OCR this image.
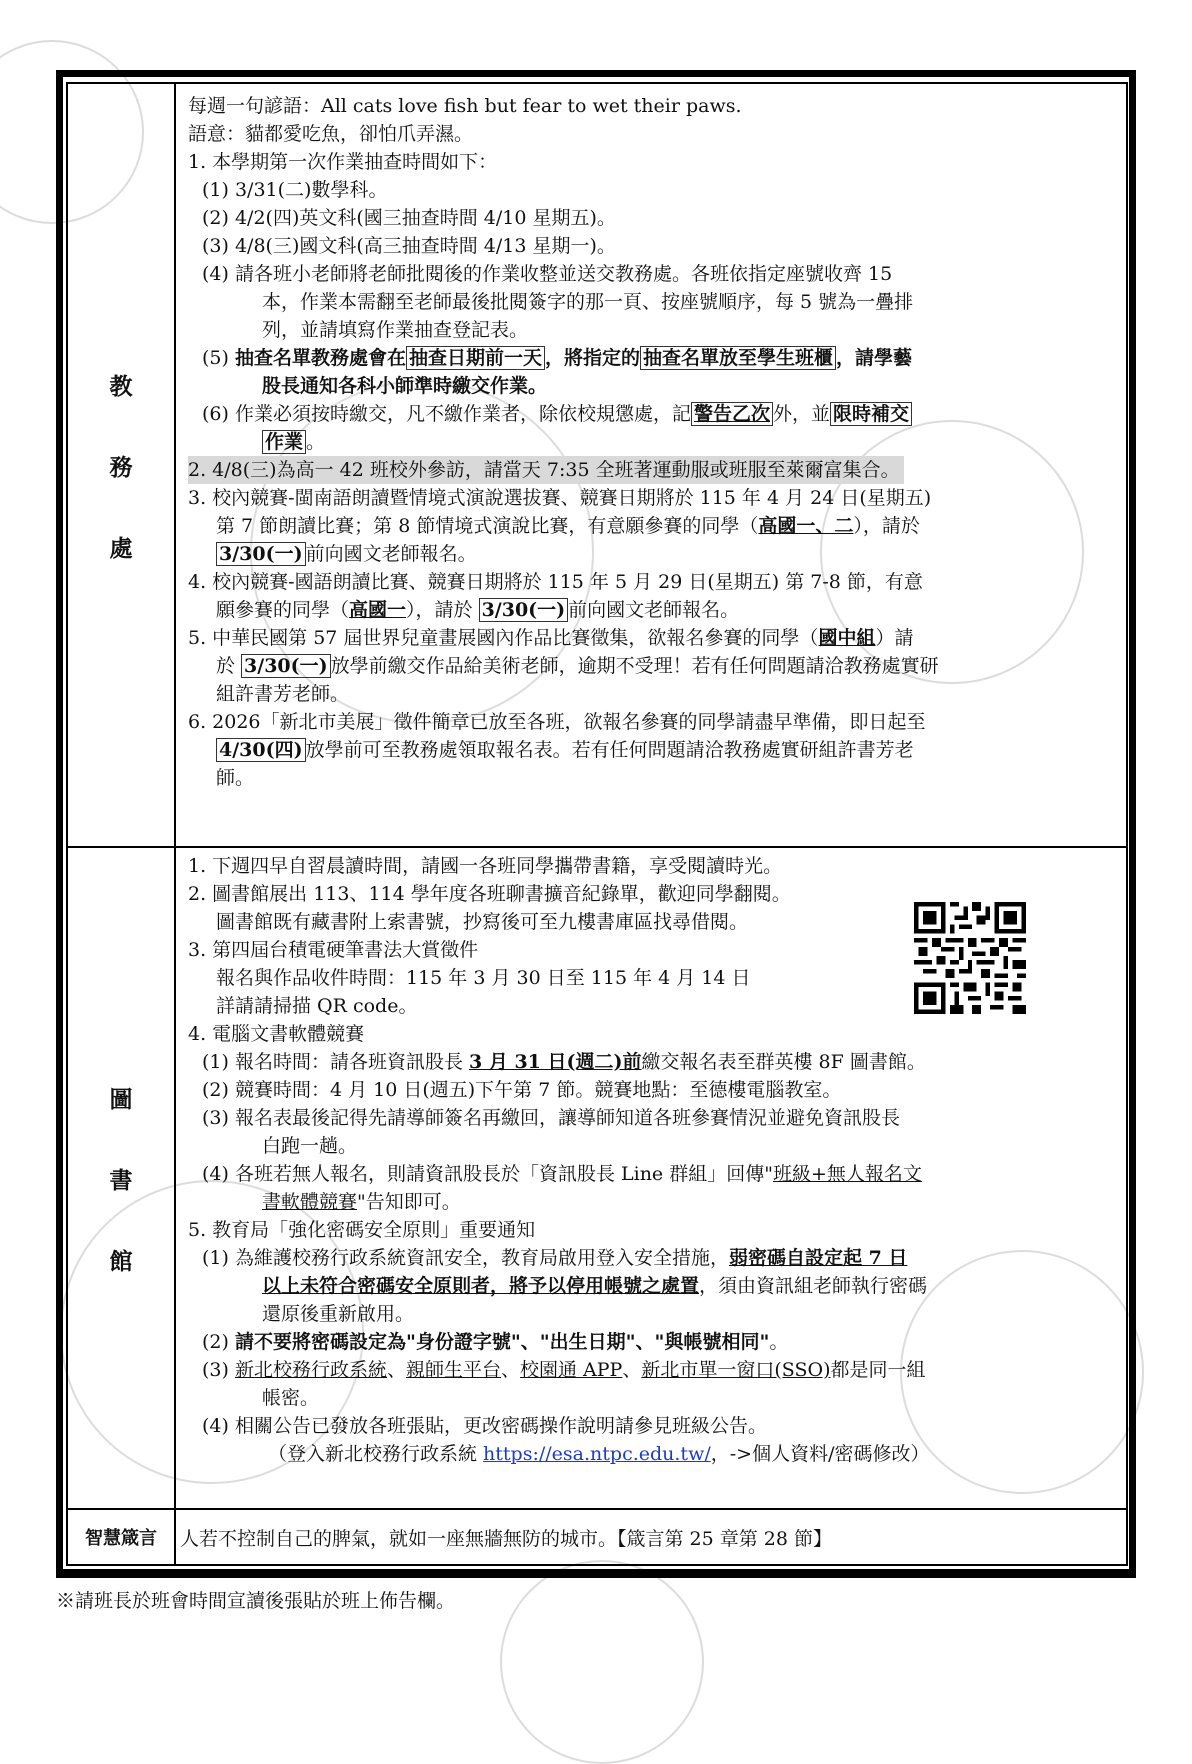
教
務
處
每週一句諺語：All cats love fish but fear to wet their paws.
語意：貓都愛吃魚，卻怕爪弄濕。
1. 本學期第一次作業抽查時間如下：
(1) 3/31(二)數學科。
(2) 4/2(四)英文科(國三抽查時間 4/10 星期五)。
(3) 4/8(三)國文科(高三抽查時間 4/13 星期一)。
(4) 請各班小老師將老師批閱後的作業收整並送交教務處。各班依指定座號收齊 15
本，作業本需翻至老師最後批閱簽字的那一頁、按座號順序，每 5 號為一疊排
列，並請填寫作業抽查登記表。
(5) 抽查名單教務處會在 抽查日期前一天 ，將指定的 抽查名單放至學生班櫃 ，請學藝
股長通知各科小師準時繳交作業。
(6) 作業必須按時繳交，凡不繳作業者，除依校規懲處，記 警告乙次 外，並 限時補交
作業 。
2. 4/8(三)為高一 42 班校外參訪，請當天 7:35 全班著運動服或班服至萊爾富集合。
3. 校內競賽-閩南語朗讀暨情境式演說選拔賽、競賽日期將於 115 年 4 月 24 日(星期五)
第 7 節朗讀比賽；第 8 節情境式演說比賽，有意願參賽的同學（高國一、二），請於
3/30(一) 前向國文老師報名。
4. 校內競賽-國語朗讀比賽、競賽日期將於 115 年 5 月 29 日(星期五) 第 7-8 節，有意
願參賽的同學（高國一），請於 3/30(一) 前向國文老師報名。
5. 中華民國第 57 屆世界兒童畫展國內作品比賽徵集，欲報名參賽的同學（國中組）請
於 3/30(一) 放學前繳交作品給美術老師，逾期不受理！若有任何問題請洽教務處實研
組許書芳老師。
6. 2026「新北市美展」徵件簡章已放至各班，欲報名參賽的同學請盡早準備，即日起至
4/30(四) 放學前可至教務處領取報名表。若有任何問題請洽教務處實研組許書芳老
師。
圖
書
館
1. 下週四早自習晨讀時間，請國一各班同學攜帶書籍，享受閱讀時光。
2. 圖書館展出 113、114 學年度各班聊書擴音紀錄單，歡迎同學翻閱。
圖書館既有藏書附上索書號，抄寫後可至九樓書庫區找尋借閱。
3. 第四屆台積電硬筆書法大賞徵件
報名與作品收件時間：115 年 3 月 30 日至 115 年 4 月 14 日
詳請請掃描 QR code。
4. 電腦文書軟體競賽
(1) 報名時間：請各班資訊股長 3 月 31 日(週二)前繳交報名表至群英樓 8F 圖書館。
(2) 競賽時間：4 月 10 日(週五)下午第 7 節。競賽地點：至德樓電腦教室。
(3) 報名表最後記得先請導師簽名再繳回，讓導師知道各班參賽情況並避免資訊股長
白跑一趟。
(4) 各班若無人報名，則請資訊股長於「資訊股長 Line 群組」回傳"班級+無人報名文
書軟體競賽"告知即可。
5. 教育局「強化密碼安全原則」重要通知
(1) 為維護校務行政系統資訊安全，教育局啟用登入安全措施，弱密碼自設定起 7 日
以上未符合密碼安全原則者，將予以停用帳號之處置，須由資訊組老師執行密碼
還原後重新啟用。
(2) 請不要將密碼設定為"身份證字號"、"出生日期"、"與帳號相同"。
(3) 新北校務行政系統、親師生平台、校園通 APP、新北市單一窗口(SSO)都是同一組
帳密。
(4) 相關公告已發放各班張貼，更改密碼操作說明請參見班級公告。
（登入新北校務行政系統 https://esa.ntpc.edu.tw/，->個人資料/密碼修改）
智慧箴言	人若不控制自己的脾氣，就如一座無牆無防的城市。【箴言第 25 章第 28 節】
※請班長於班會時間宣讀後張貼於班上佈告欄。
